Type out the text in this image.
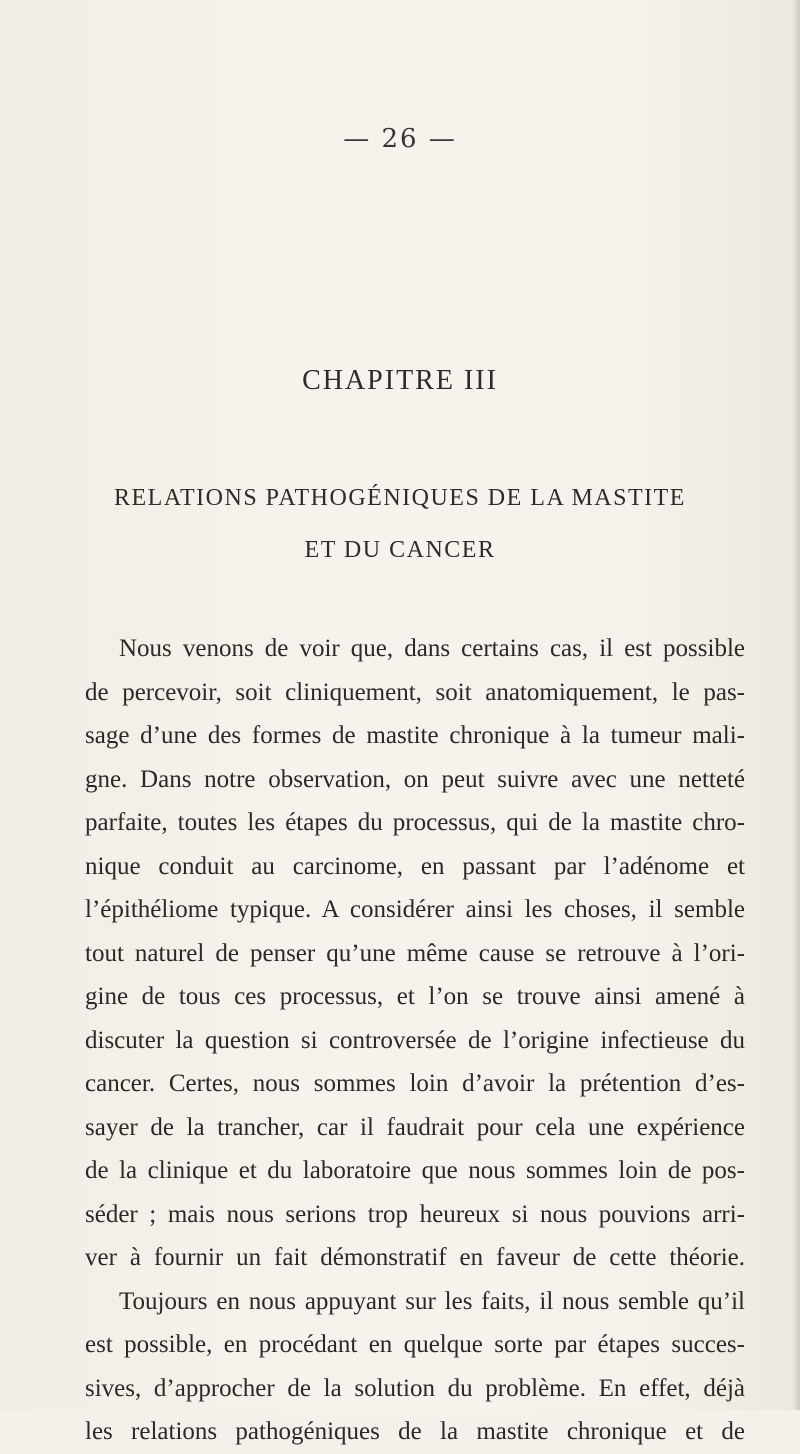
— 26 —
CHAPITRE III
RELATIONS PATHOGÉNIQUES DE LA MASTITE
ET DU CANCER
Nous venons de voir que, dans certains cas, il est possible
de percevoir, soit cliniquement, soit anatomiquement, le pas-
sage d’une des formes de mastite chronique à la tumeur mali-
gne. Dans notre observation, on peut suivre avec une netteté
parfaite, toutes les étapes du processus, qui de la mastite chro-
nique conduit au carcinome, en passant par l’adénome et
l’épithéliome typique. A considérer ainsi les choses, il semble
tout naturel de penser qu’une même cause se retrouve à l’ori-
gine de tous ces processus, et l’on se trouve ainsi amené à
discuter la question si controversée de l’origine infectieuse du
cancer. Certes, nous sommes loin d’avoir la prétention d’es-
sayer de la trancher, car il faudrait pour cela une expérience
de la clinique et du laboratoire que nous sommes loin de pos-
séder ; mais nous serions trop heureux si nous pouvions arri-
ver à fournir un fait démonstratif en faveur de cette théorie.
Toujours en nous appuyant sur les faits, il nous semble qu’il
est possible, en procédant en quelque sorte par étapes succes-
sives, d’approcher de la solution du problème. En effet, déjà
les relations pathogéniques de la mastite chronique et de
